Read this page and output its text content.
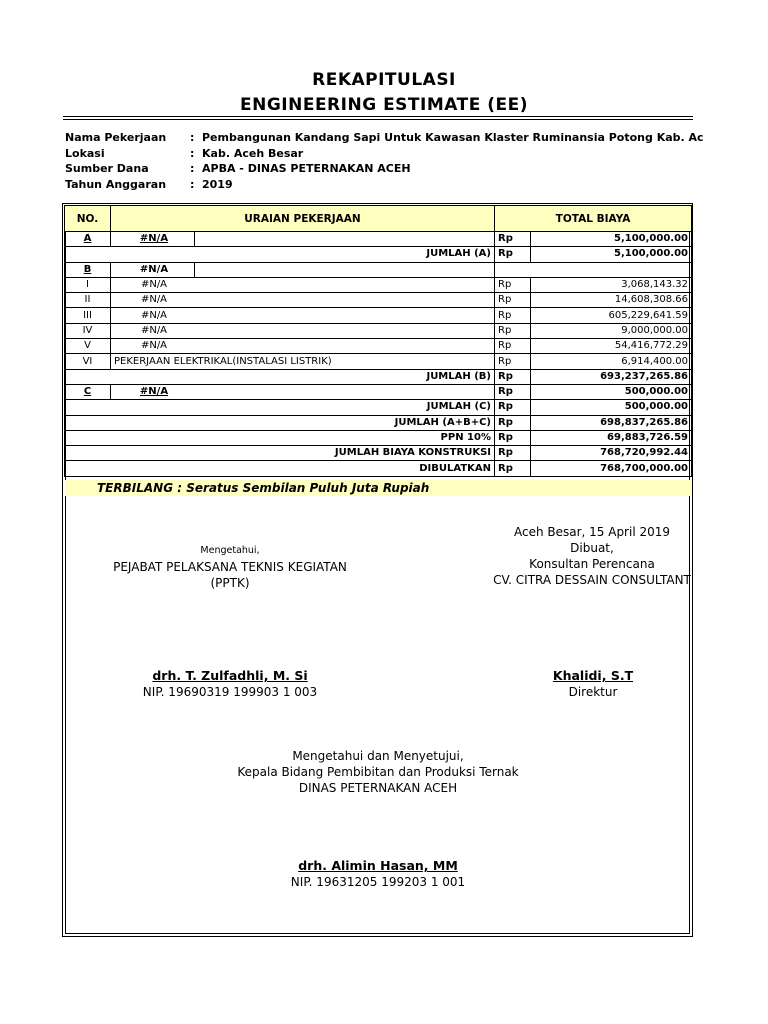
REKAPITULASI
ENGINEERING ESTIMATE (EE)
Nama Pekerjaan : Pembangunan Kandang Sapi Untuk Kawasan Klaster Ruminansia Potong Kab. Ac
Lokasi	: Kab. Aceh Besar
Sumber Dana	: APBA - DINAS PETERNAKAN ACEH
Tahun Anggaran : 2019
NO.	URAIAN PEKERJAAN	TOTAL BIAYA	
A	#N/A	Rp	5,100,000.00
JUMLAH (A)		Rp	5,100,000.00
B	#N/A		
I	#N/A	Rp	3,068,143.32
II	#N/A	Rp	14,608,308.66
III	#N/A	Rp	605,229,641.59
IV	#N/A	Rp	9,000,000.00
V	#N/A	Rp	54,416,772.29
VI	PEKERJAAN ELEKTRIKAL(INSTALASI LISTRIK)	Rp	6,914,400.00
JUMLAH (B)		Rp	693,237,265.86
C	#N/A	Rp	500,000.00
JUMLAH (C)		Rp	500,000.00
JUMLAH (A+B+C)		Rp	698,837,265.86
PPN 10%		Rp	69,883,726.59
JUMLAH BIAYA KONSTRUKSI		Rp	768,720,992.44
DIBULATKAN		Rp	768,700,000.00
TERBILANG : Seratus Sembilan Puluh Juta Rupiah
Aceh Besar, 15 April 2019
Dibuat,
Konsultan Perencana
CV. CITRA DESSAIN CONSULTANT
Mengetahui,
PEJABAT PELAKSANA TEKNIS KEGIATAN
(PPTK)
drh. T. Zulfadhli, M. Si
NIP. 19690319 199903 1 003
Khalidi, S.T
Direktur
Mengetahui dan Menyetujui,
Kepala Bidang Pembibitan dan Produksi Ternak
DINAS PETERNAKAN ACEH
drh. Alimin Hasan, MM
NIP. 19631205 199203 1 001
